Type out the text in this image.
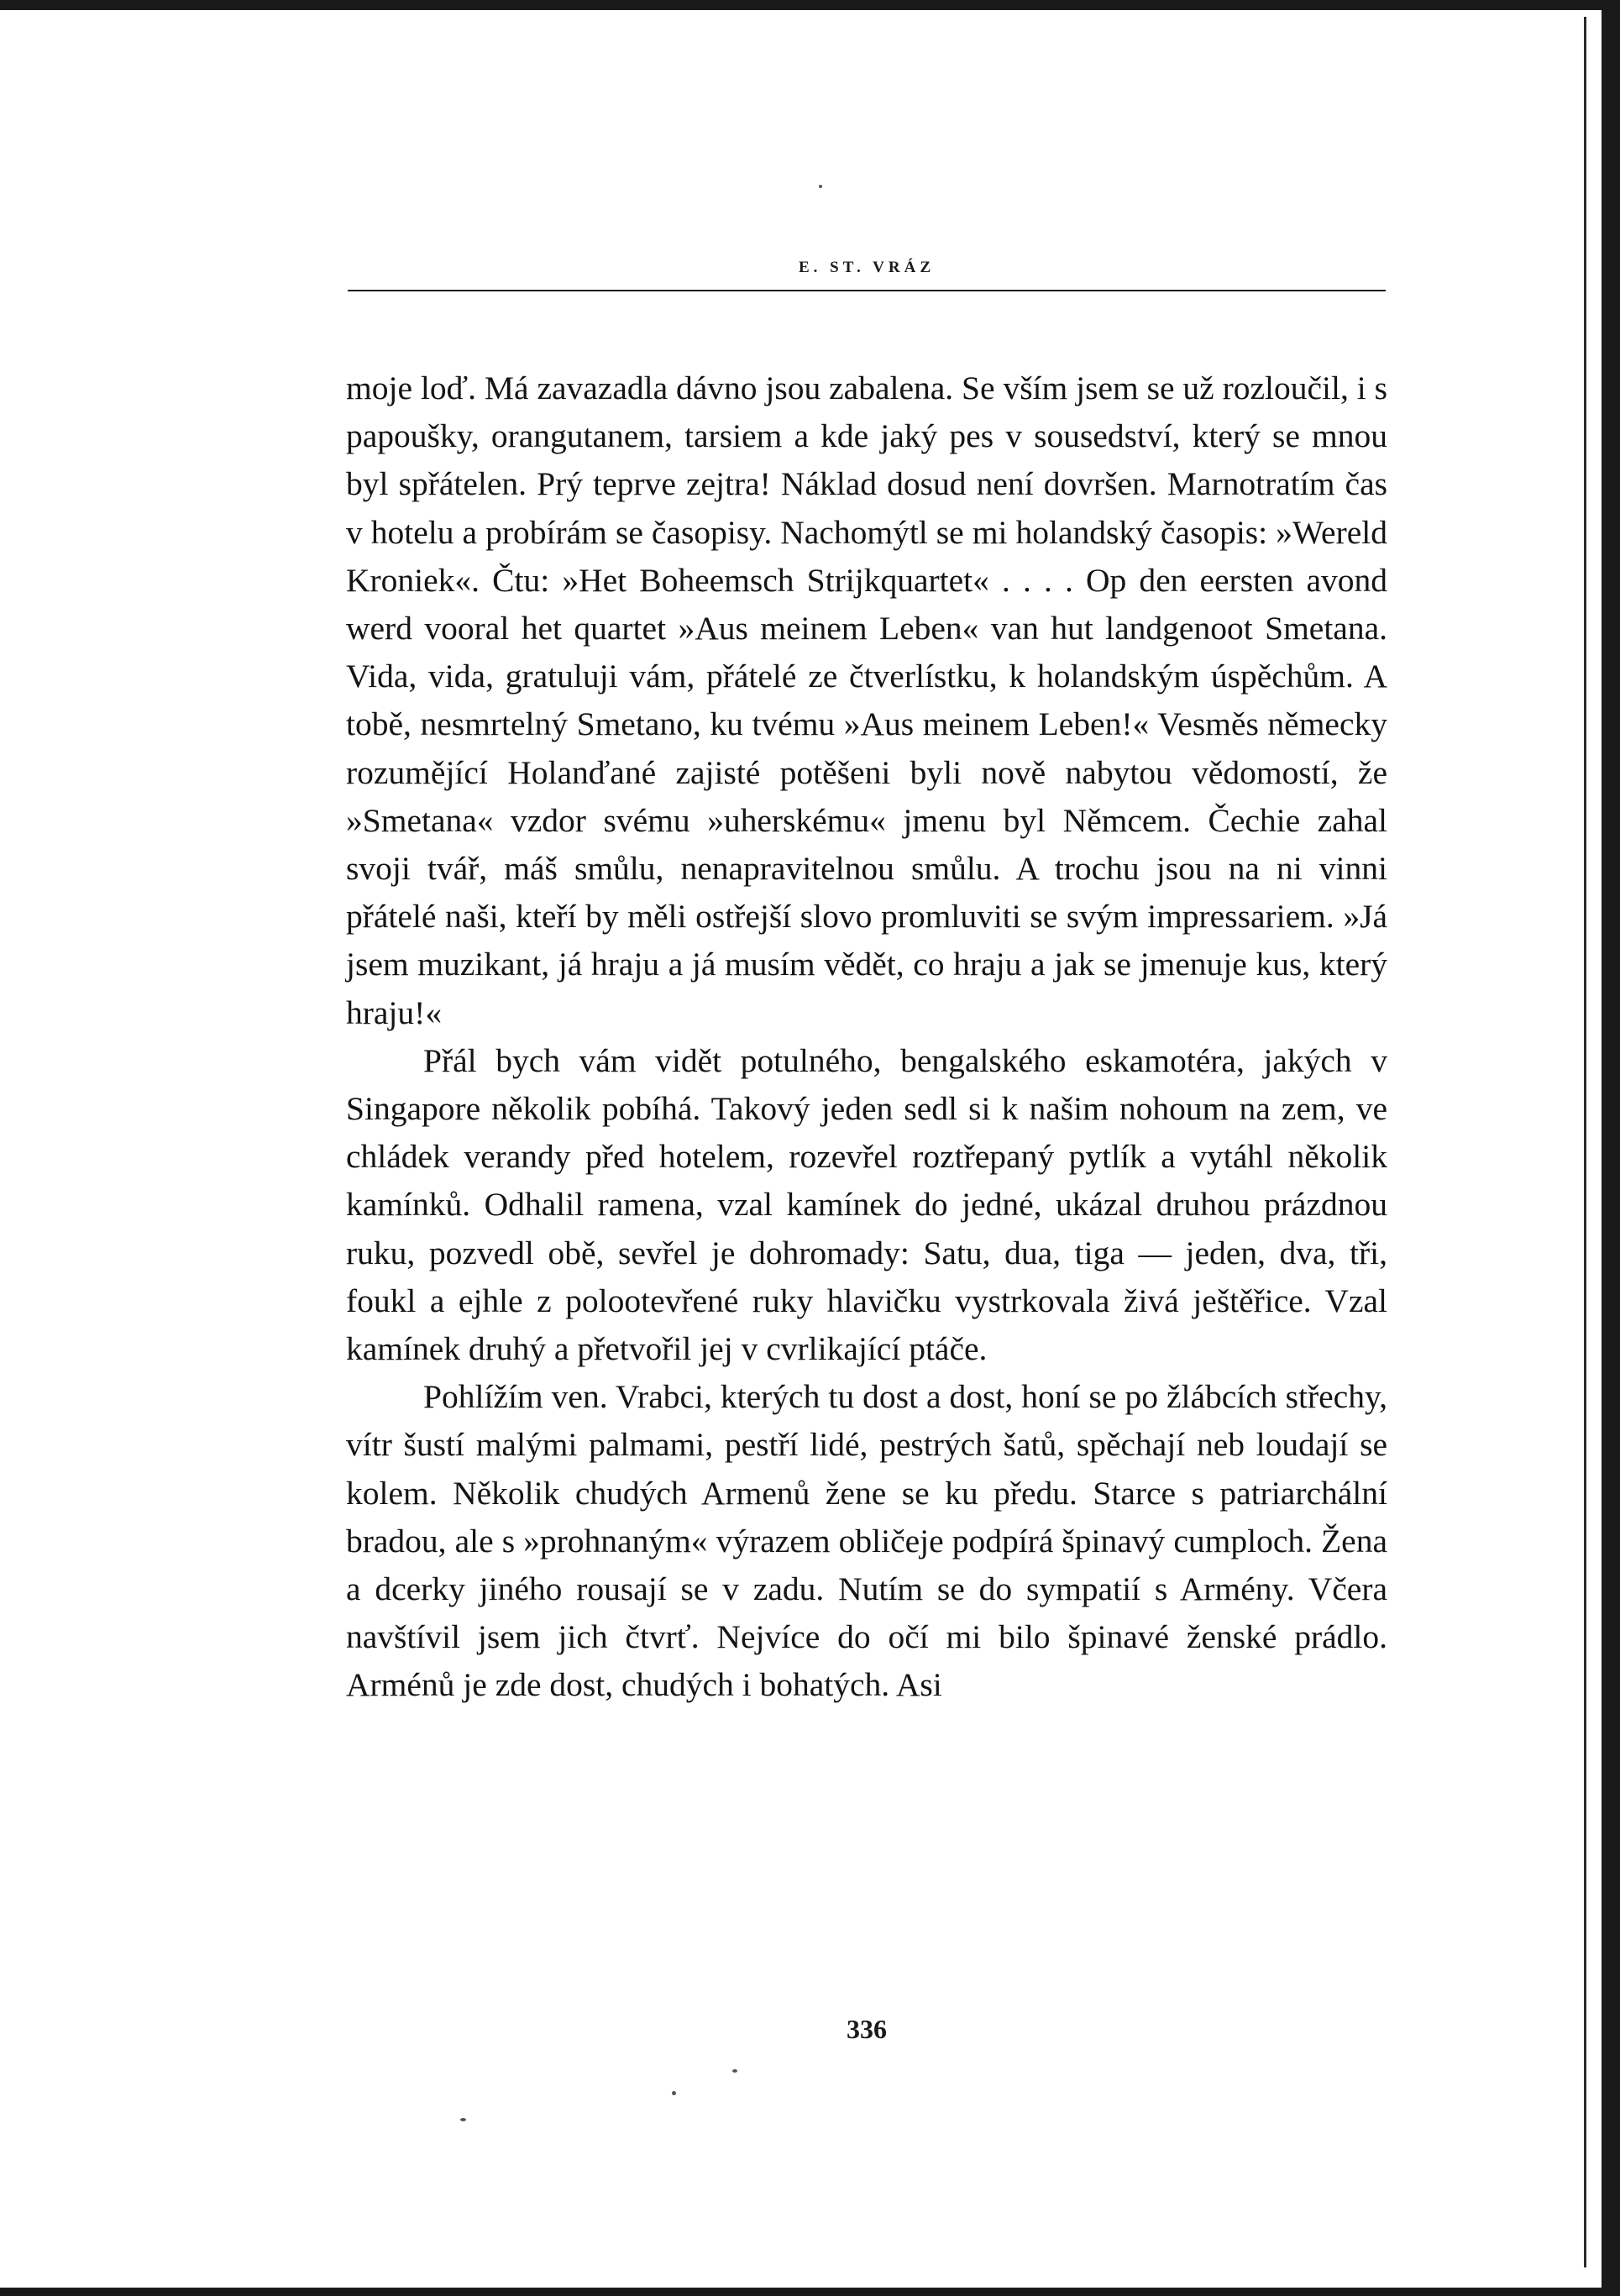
E. ST. VRÁZ

moje loď. Má zavazadla dávno jsou zabalena. Se vším jsem se už rozloučil, i s papoušky, orangutanem, tarsiem a kde jaký pes v sousedství, který se mnou byl spřátelen. Prý teprve zejtra! Náklad dosud není dovršen. Marnotratím čas v hotelu a probírám se časopisy. Nachomýtl se mi holandský časopis: »Wereld Kroniek«. Čtu: »Het Boheemsch Strijkquartet« . . . . Op den eersten avond werd vooral het quartet »Aus meinem Leben« van hut landgenoot Smetana. Vida, vida, gratuluji vám, přátelé ze čtverlístku, k holandským úspěchům. A tobě, nesmrtelný Smetano, ku tvému »Aus meinem Leben!« Vesměs německy rozumějící Holanďané zajisté potěšeni byli nově nabytou vědomostí, že »Smetana« vzdor svému »uherskému« jmenu byl Němcem. Čechie zahal svoji tvář, máš smůlu, nenapravitelnou smůlu. A trochu jsou na ni vinni přátelé naši, kteří by měli ostřejší slovo promluviti se svým impressariem. »Já jsem muzikant, já hraju a já musím vědět, co hraju a jak se jmenuje kus, který hraju!«

Přál bych vám vidět potulného, bengalského eskamotéra, jakých v Singapore několik pobíhá. Takový jeden sedl si k našim nohoum na zem, ve chládek verandy před hotelem, rozevřel roztřepaný pytlík a vytáhl několik kamínků. Odhalil ramena, vzal kamínek do jedné, ukázal druhou prázdnou ruku, pozvedl obě, sevřel je dohromady: Satu, dua, tiga — jeden, dva, tři, foukl a ejhle z polootevřené ruky hlavičku vystrkovala živá ještěřice. Vzal kamínek druhý a přetvořil jej v cvrlikající ptáče.

Pohlížím ven. Vrabci, kterých tu dost a dost, honí se po žlábcích střechy, vítr šustí malými palmami, pestří lidé, pestrých šatů, spěchají neb loudají se kolem. Několik chudých Armenů žene se ku předu. Starce s patriarchální bradou, ale s »prohnaným« výrazem obličeje podpírá špinavý cumploch. Žena a dcerky jiného rousají se v zadu. Nutím se do sympatií s Armény. Včera navštívil jsem jich čtvrť. Nejvíce do očí mi bilo špinavé ženské prádlo. Arménů je zde dost, chudých i bohatých. Asi

336
